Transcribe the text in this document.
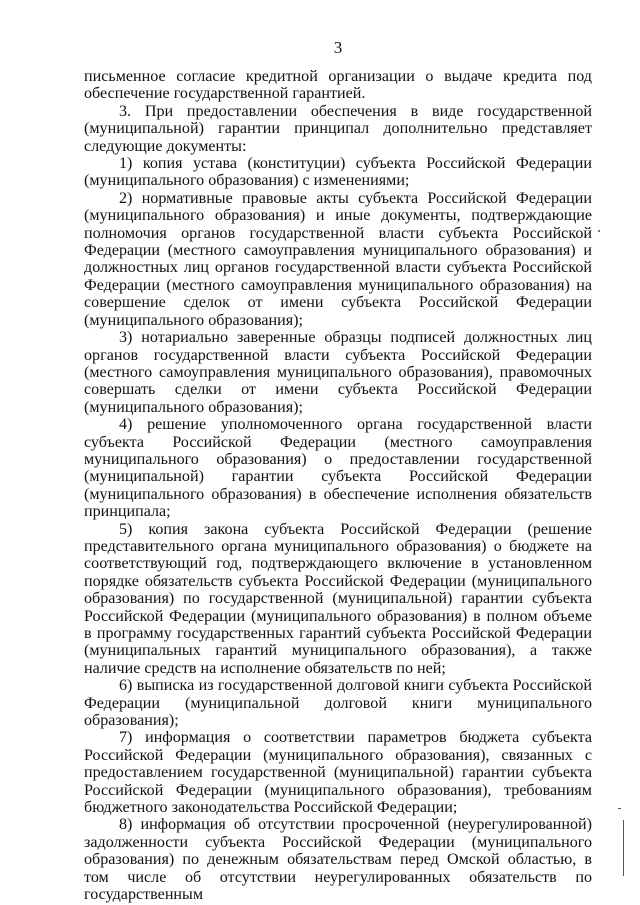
3

письменное согласие кредитной организации о выдаче кредита под обеспечение государственной гарантией.

3. При предоставлении обеспечения в виде государственной (муниципальной) гарантии принципал дополнительно представляет следующие документы:

1) копия устава (конституции) субъекта Российской Федерации (муниципального образования) с изменениями;

2) нормативные правовые акты субъекта Российской Федерации (муниципального образования) и иные документы, подтверждающие полномочия органов государственной власти субъекта Российской Федерации (местного самоуправления муниципального образования) и должностных лиц органов государственной власти субъекта Российской Федерации (местного самоуправления муниципального образования) на совершение сделок от имени субъекта Российской Федерации (муниципального образования);

3) нотариально заверенные образцы подписей должностных лиц органов государственной власти субъекта Российской Федерации (местного самоуправления муниципального образования), правомочных совершать сделки от имени субъекта Российской Федерации (муниципального образования);

4) решение уполномоченного органа государственной власти субъекта Российской Федерации (местного самоуправления муниципального образования) о предоставлении государственной (муниципальной) гарантии субъекта Российской Федерации (муниципального образования) в обеспечение исполнения обязательств принципала;

5) копия закона субъекта Российской Федерации (решение представительного органа муниципального образования) о бюджете на соответствующий год, подтверждающего включение в установленном порядке обязательств субъекта Российской Федерации (муниципального образования) по государственной (муниципальной) гарантии субъекта Российской Федерации (муниципального образования) в полном объеме в программу государственных гарантий субъекта Российской Федерации (муниципальных гарантий муниципального образования), а также наличие средств на исполнение обязательств по ней;

6) выписка из государственной долговой книги субъекта Российской Федерации (муниципальной долговой книги муниципального образования);

7) информация о соответствии параметров бюджета субъекта Российской Федерации (муниципального образования), связанных с предоставлением государственной (муниципальной) гарантии субъекта Российской Федерации (муниципального образования), требованиям бюджетного законодательства Российской Федерации;

8) информация об отсутствии просроченной (неурегулированной) задолженности субъекта Российской Федерации (муниципального образования) по денежным обязательствам перед Омской областью, в том числе об отсутствии неурегулированных обязательств по государственным
